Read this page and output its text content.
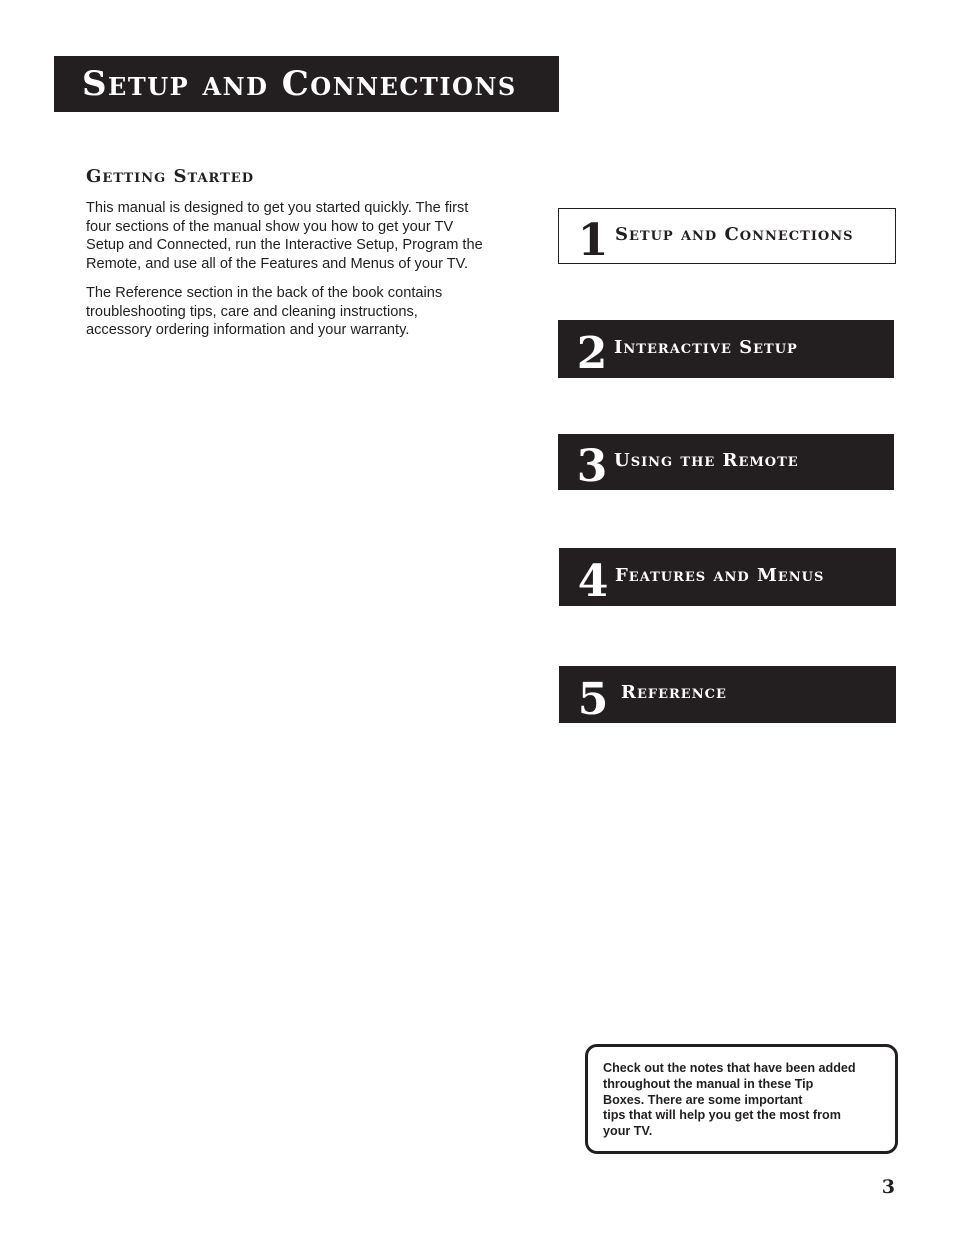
Setup and Connections
Getting Started

This manual is designed to get you started quickly. The first four sections of the manual show you how to get your TV Setup and Connected, run the Interactive Setup, Program the Remote, and use all of the Features and Menus of your TV.

The Reference section in the back of the book contains troubleshooting tips, care and cleaning instructions, accessory ordering information and your warranty.

1 Setup and Connections
2 Interactive Setup
3 Using the Remote
4 Features and Menus
5 Reference

Check out the notes that have been added
throughout the manual in these Tip
Boxes. There are some important
tips that will help you get the most from
your TV.

3
